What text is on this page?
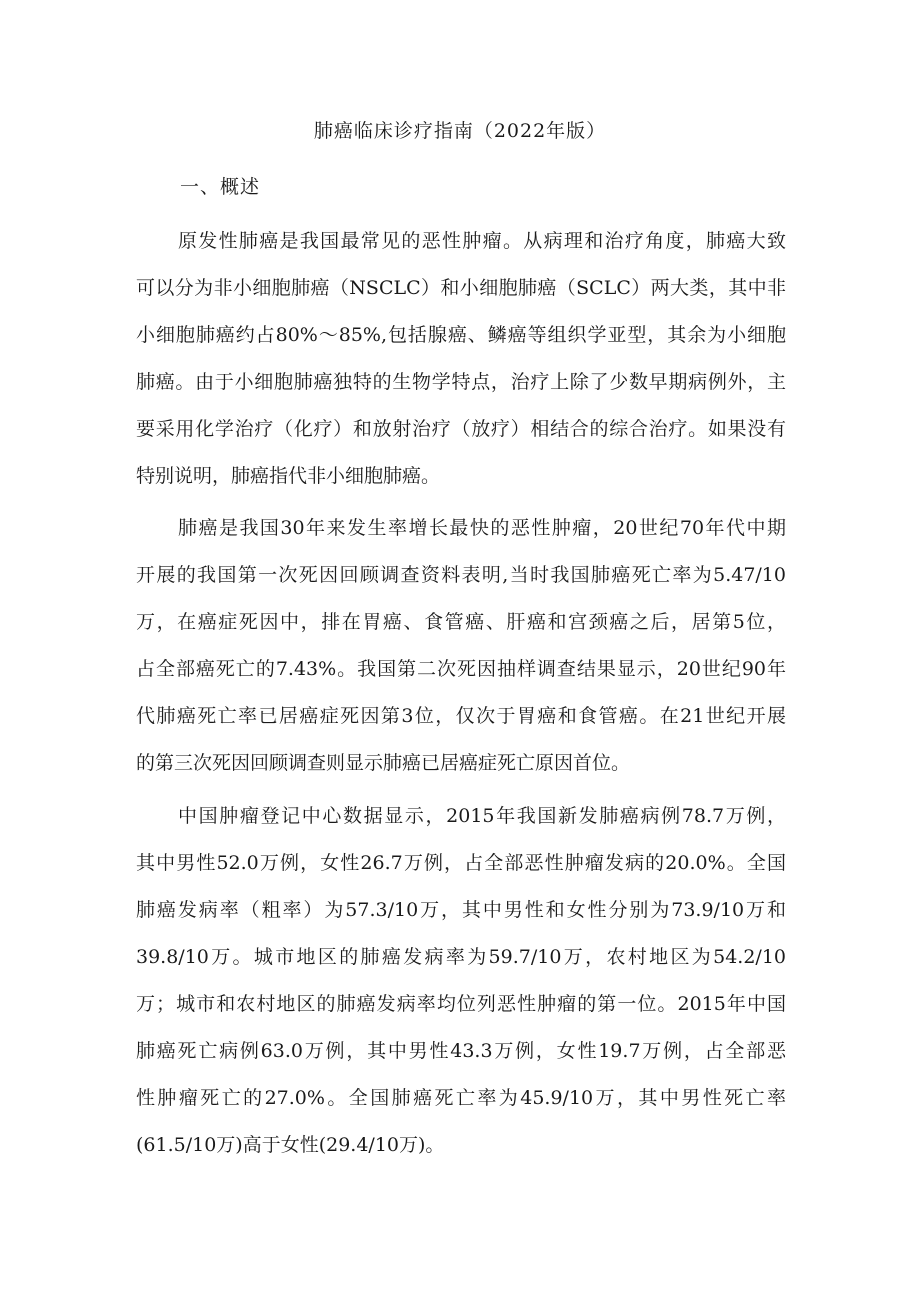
肺癌临床诊疗指南（2022年版）
一、概述
原发性肺癌是我国最常见的恶性肿瘤。从病理和治疗角度，肺癌大致
可以分为非小细胞肺癌（NSCLC）和小细胞肺癌（SCLC）两大类，其中非
小细胞肺癌约占80%～85%,包括腺癌、鳞癌等组织学亚型，其余为小细胞
肺癌。由于小细胞肺癌独特的生物学特点，治疗上除了少数早期病例外，主
要采用化学治疗（化疗）和放射治疗（放疗）相结合的综合治疗。如果没有
特别说明，肺癌指代非小细胞肺癌。
肺癌是我国30年来发生率增长最快的恶性肿瘤，20世纪70年代中期
开展的我国第一次死因回顾调查资料表明,当时我国肺癌死亡率为5.47/10
万，在癌症死因中，排在胃癌、食管癌、肝癌和宫颈癌之后，居第5位，
占全部癌死亡的7.43%。我国第二次死因抽样调查结果显示，20世纪90年
代肺癌死亡率已居癌症死因第3位，仅次于胃癌和食管癌。在21世纪开展
的第三次死因回顾调查则显示肺癌已居癌症死亡原因首位。
中国肿瘤登记中心数据显示，2015年我国新发肺癌病例78.7万例，
其中男性52.0万例，女性26.7万例，占全部恶性肿瘤发病的20.0%。全国
肺癌发病率（粗率）为57.3/10万，其中男性和女性分别为73.9/10万和
39.8/10万。城市地区的肺癌发病率为59.7/10万，农村地区为54.2/10
万；城市和农村地区的肺癌发病率均位列恶性肿瘤的第一位。2015年中国
肺癌死亡病例63.0万例，其中男性43.3万例，女性19.7万例，占全部恶
性肿瘤死亡的27.0%。全国肺癌死亡率为45.9/10万，其中男性死亡率
(61.5/10万)高于女性(29.4/10万)。
